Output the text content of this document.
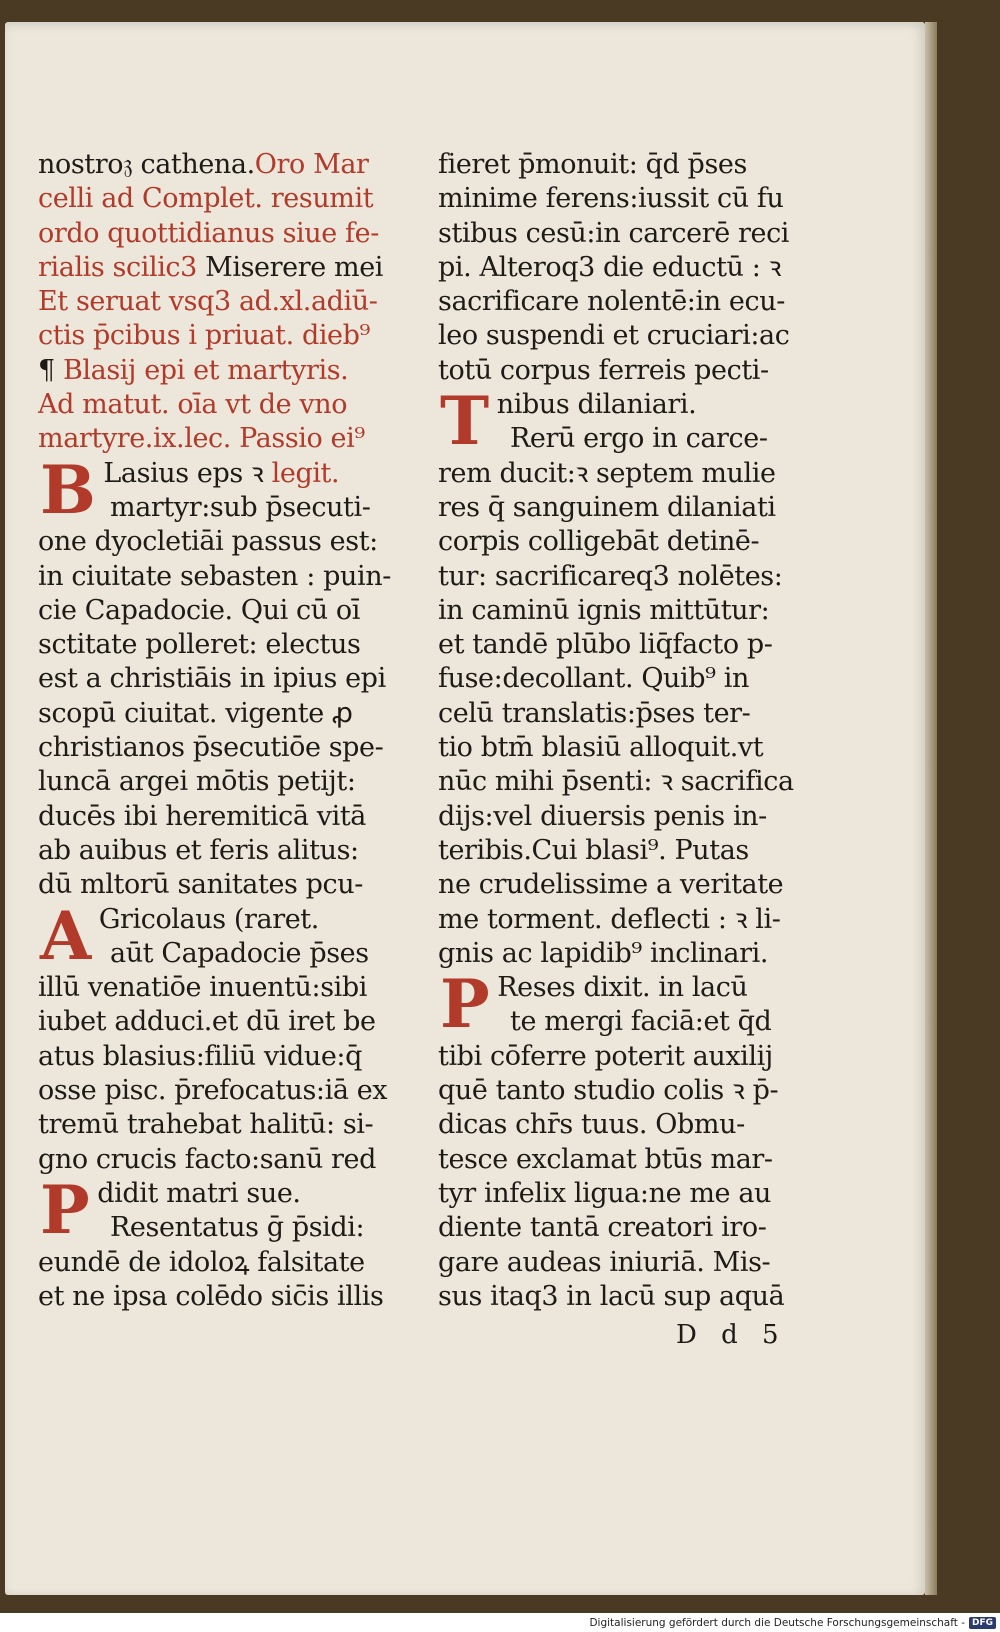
nostro𝔷 cathena.Oro Mar
celli ad Complet. resumit
ordo quottidianus siue fe-
rialis scilic3 Miserere mei
Et seruat vsq3 ad.xl.adiū-
ctis p̄cibus i priuat. dieb⁹
¶ Blasij epi et martyris.
Ad matut. oīa vt de vno
martyre.ix.lec. Passio ei⁹
B Lasius eps ꝛ legit.
martyr:sub p̄secuti-
one dyocletiāi passus est:
in ciuitate sebasten : puin-
cie Capadocie. Qui cū oī
sctitate polleret: electus
est a christiāis in ipius epi
scopū ciuitat. vigente ꝓ
christianos p̄secutiōe spe-
luncā argei mōtis petijt:
ducēs ibi heremiticā vitā
ab auibus et feris alitus:
dū mltorū sanitates pcu-
A Gricolaus (raret.
aūt Capadocie p̄ses
illū venatiōe inuentū:sibi
iubet adduci.et dū iret be
atus blasius:filiū vidue:q̄
osse pisc. p̄refocatus:iā ex
tremū trahebat halitū: si-
gno crucis facto:sanū red
Pdidit matri sue.
Resentatus ḡ p̄sidi:
eundē de idoloꝝ falsitate
et ne ipsa colēdo sic̄is illis
fieret p̄monuit: q̄d p̄ses
minime ferens:iussit cū fu
stibus cesū:in carcerē reci
pi. Alteroq3 die eductū : ꝛ
sacrificare nolentē:in ecu-
leo suspendi et cruciari:ac
totū corpus ferreis pecti-
Tnibus dilaniari.
Rerū ergo in carce-
rem ducit:ꝛ septem mulie
res q̄ sanguinem dilaniati
corpis colligebāt detinē-
tur: sacrificareq3 nolētes:
in caminū ignis mittūtur:
et tandē plūbo liq̄facto p-
fuse:decollant. Quib⁹ in
celū translatis:p̄ses ter-
tio btm̄ blasiū alloquit.vt
nūc mihi p̄senti: ꝛ sacrifica
dijs:vel diuersis penis in-
teribis.Cui blasi⁹. Putas
ne crudelissime a veritate
me torment. deflecti : ꝛ li-
gnis ac lapidib⁹ inclinari.
P Reses dixit. in lacū
te mergi faciā:et q̄d
tibi cōferre poterit auxilij
quē tanto studio colis ꝛ p̄-
dicas chr̄s tuus. Obmu-
tesce exclamat btūs mar-
tyr infelix ligua:ne me au
diente tantā creatori iro-
gare audeas iniuriā. Mis-
sus itaq3 in lacū sup aquā
D d 5
Digitalisierung gefördert durch die Deutsche Forschungsgemeinschaft - DFG
